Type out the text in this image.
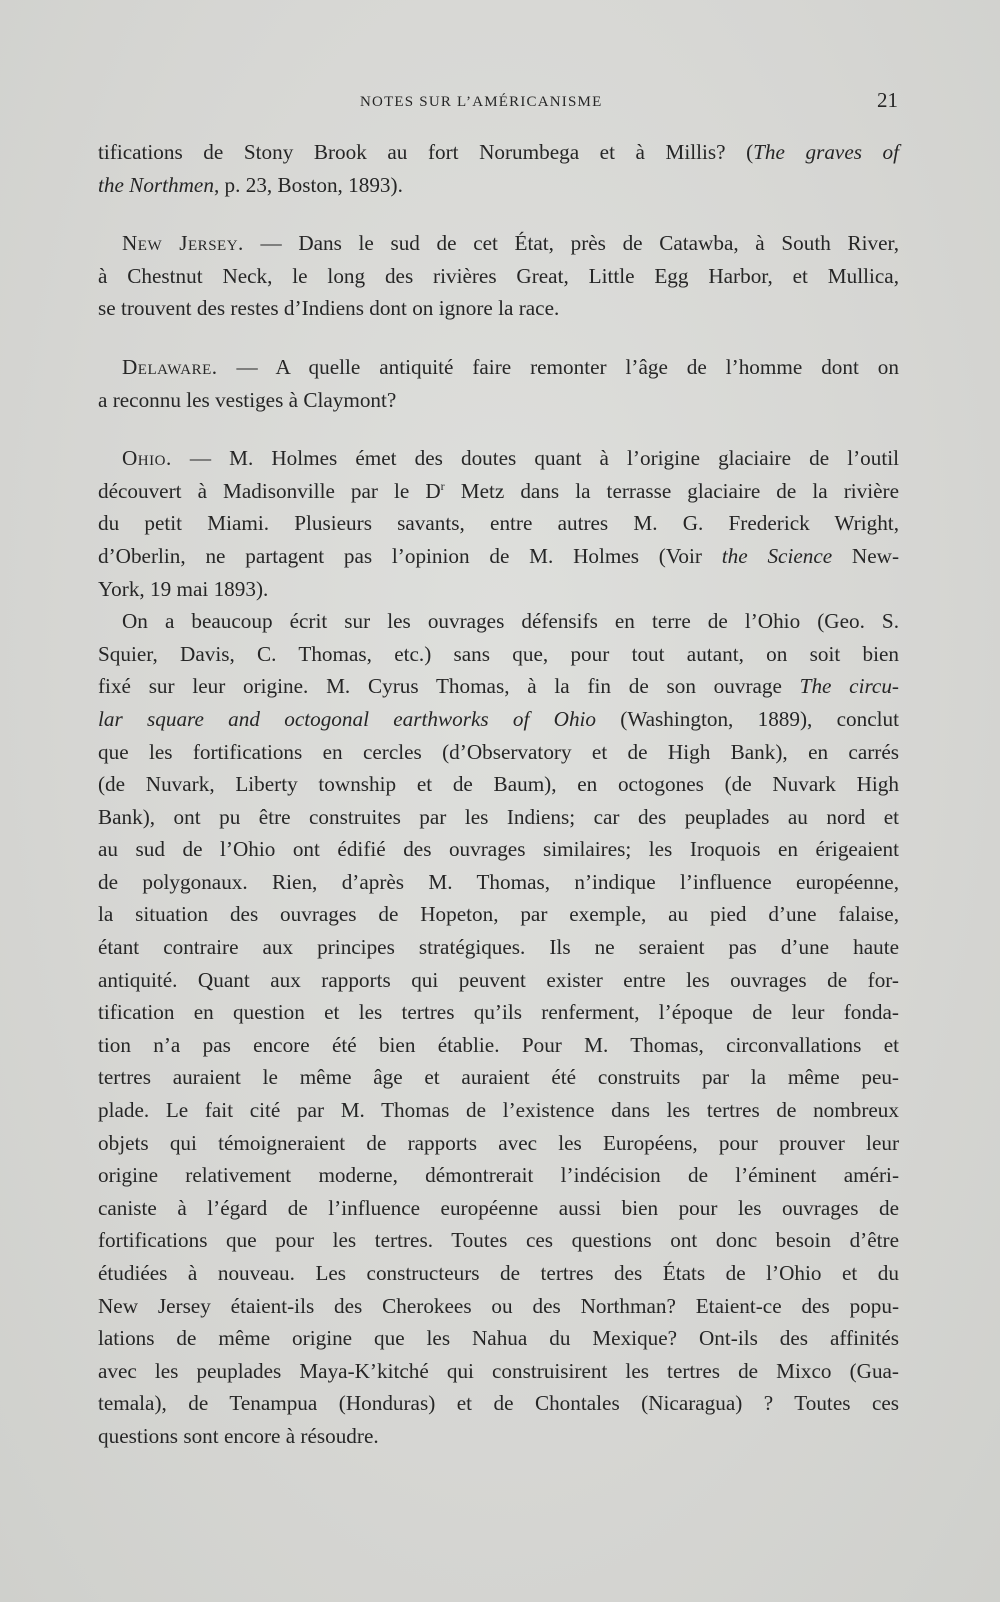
NOTES SUR L’AMÉRICANISME	21

tifications de Stony Brook au fort Norumbega et à Millis? (The graves of
the Northmen, p. 23, Boston, 1893).

New Jersey. — Dans le sud de cet État, près de Catawba, à South River,
à Chestnut Neck, le long des rivières Great, Little Egg Harbor, et Mullica,
se trouvent des restes d’Indiens dont on ignore la race.

Delaware. — A quelle antiquité faire remonter l’âge de l’homme dont on
a reconnu les vestiges à Claymont?

Ohio. — M. Holmes émet des doutes quant à l’origine glaciaire de l’outil
découvert à Madisonville par le $D^r$ Metz dans la terrasse glaciaire de la rivière
du petit Miami. Plusieurs savants, entre autres M. G. Frederick Wright,
d’Oberlin, ne partagent pas l’opinion de M. Holmes (Voir the Science New-
York, 19 mai 1893).

On a beaucoup écrit sur les ouvrages défensifs en terre de l’Ohio (Geo. S.
Squier, Davis, C. Thomas, etc.) sans que, pour tout autant, on soit bien
fixé sur leur origine. M. Cyrus Thomas, à la fin de son ouvrage The circu-
lar square and octogonal earthworks of Ohio (Washington, 1889), conclut
que les fortifications en cercles (d’Observatory et de High Bank), en carrés
(de Nuvark, Liberty township et de Baum), en octogones (de Nuvark High
Bank), ont pu être construites par les Indiens; car des peuplades au nord et
au sud de l’Ohio ont édifié des ouvrages similaires; les Iroquois en érigeaient
de polygonaux. Rien, d’après M. Thomas, n’indique l’influence européenne,
la situation des ouvrages de Hopeton, par exemple, au pied d’une falaise,
étant contraire aux principes stratégiques. Ils ne seraient pas d’une haute
antiquité. Quant aux rapports qui peuvent exister entre les ouvrages de for-
tification en question et les tertres qu’ils renferment, l’époque de leur fonda-
tion n’a pas encore été bien établie. Pour M. Thomas, circonvallations et
tertres auraient le même âge et auraient été construits par la même peu-
plade. Le fait cité par M. Thomas de l’existence dans les tertres de nombreux
objets qui témoigneraient de rapports avec les Européens, pour prouver leur
origine relativement moderne, démontrerait l’indécision de l’éminent améri-
caniste à l’égard de l’influence européenne aussi bien pour les ouvrages de
fortifications que pour les tertres. Toutes ces questions ont donc besoin d’être
étudiées à nouveau. Les constructeurs de tertres des États de l’Ohio et du
New Jersey étaient-ils des Cherokees ou des Northman? Etaient-ce des popu-
lations de même origine que les Nahua du Mexique? Ont-ils des affinités
avec les peuplades Maya-K’kitché qui construisirent les tertres de Mixco (Gua-
temala), de Tenampua (Honduras) et de Chontales (Nicaragua) ? Toutes ces
questions sont encore à résoudre.
